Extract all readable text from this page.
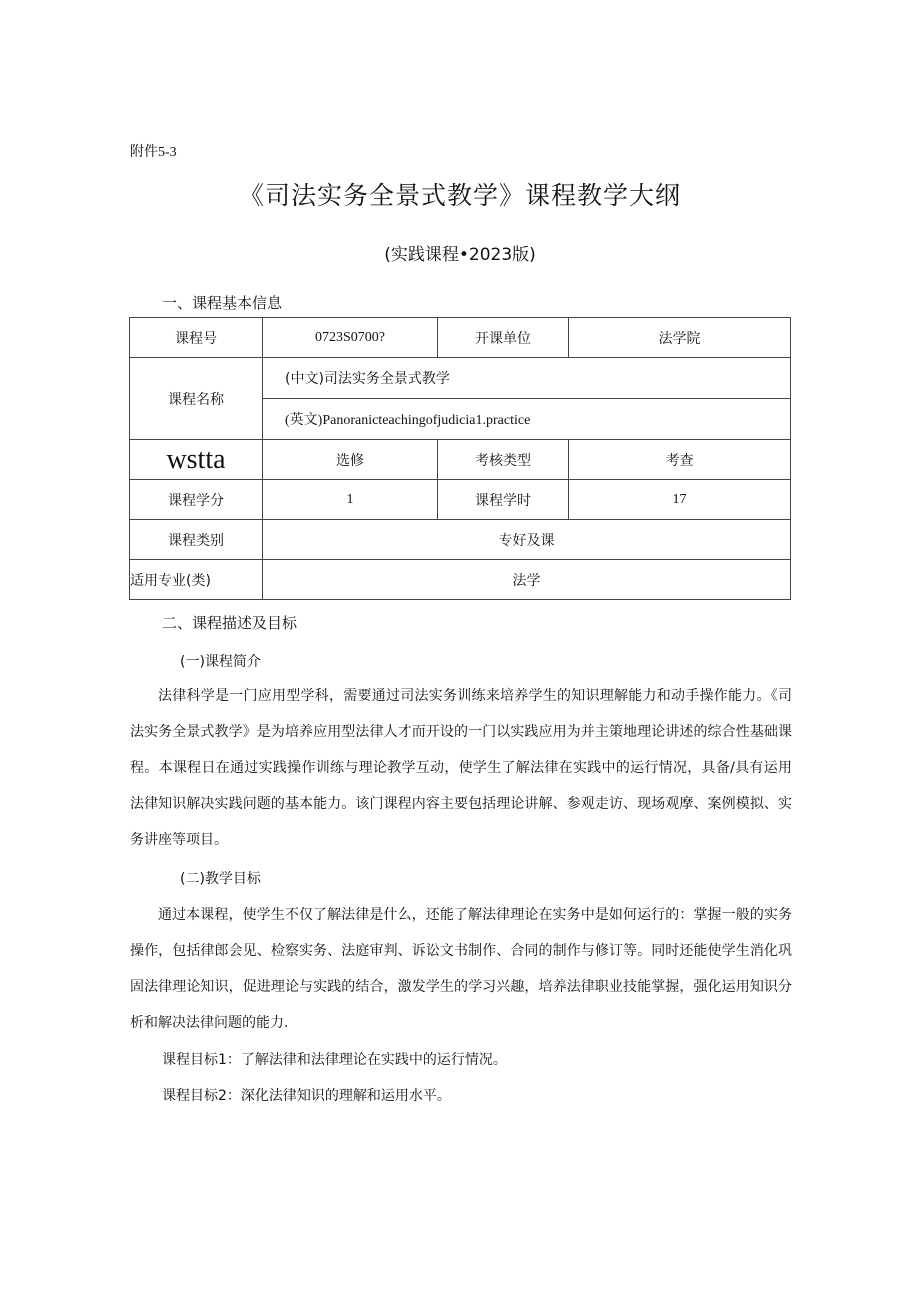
附件5-3
《司法实务全景式教学》课程教学大纲
(实践课程•2023版)
一、课程基本信息
课程号	0723S0700?	开课单位	法学院
课程名称	(中文)司法实务全景式教学		
	(英文)Panoranicteachingofjudicia1.practice		
wstta	选修	考核类型	考查
课程学分	1	课程学时	17
课程类别	专好及课		
适用专业(类)	法学		
二、课程描述及目标
(一)课程简介

法律科学是一门应用型学科，需要通过司法实务训练来培养学生的知识理解能力和动手操作能力。《司法实务全景式教学》是为培养应用型法律人才而开设的一门以实践应用为并主策地理论讲述的综合性基础课程。本课程日在通过实践操作训练与理论教学互动，使学生了解法律在实践中的运行情况，具备/具有运用法律知识解决实践问题的基本能力。该门课程内容主要包括理论讲解、参观走访、现场观摩、案例模拟、实务讲座等项目。

(二)教学目标

通过本课程，使学生不仅了解法律是什么，还能了解法律理论在实务中是如何运行的：掌握一般的实务操作，包括律郎会见、检察实务、法庭审判、诉讼文书制作、合同的制作与修订等。同时还能使学生消化巩固法律理论知识，促进理论与实践的结合，激发学生的学习兴趣，培养法律职业技能掌握，强化运用知识分析和解决法律问题的能力.

课程目标1：了解法律和法律理论在实践中的运行情况。
课程目标2：深化法律知识的理解和运用水平。
